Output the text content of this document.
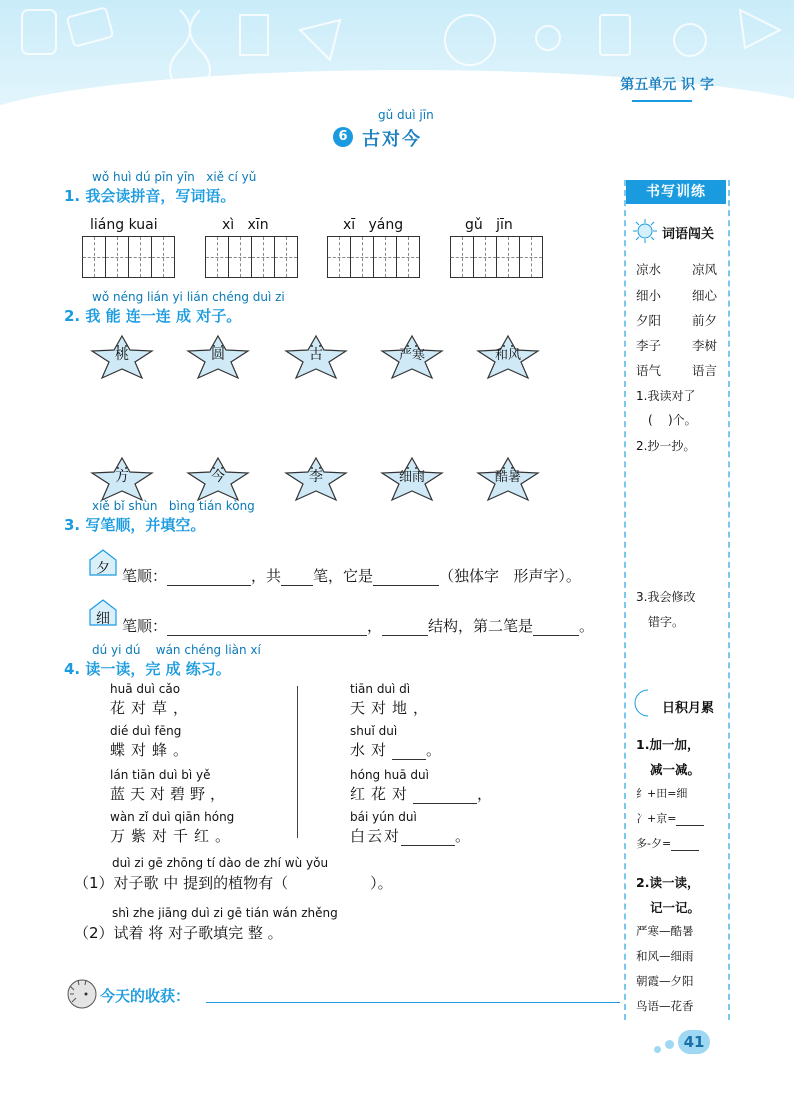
第五单元 识 字
gǔ duì jīn
6 古对今
wǒ huì dú pīn yīn   xiě cí yǔ
1. 我会读拼音，写词语。
liáng kuai	xì   xīn	xī   yáng	gǔ   jīn
wǒ néng lián yi lián chéng duì zi
2. 我 能 连一连 成 对子。
桃	圆	古	严寒	和风
方	今	李	细雨	酷暑
xiě bǐ shùn   bìng tián kòng
3. 写笔顺，并填空。
夕 笔顺：	，共 笔，它是	（独体字   形声字）。
细 笔顺：	，	结构，第二笔是	。
dú yi dú    wán chéng liàn xí
4. 读一读，完 成 练习。
huā duì cǎo
花对草，
dié duì fēng
蝶对蜂。
lán tiān duì bì yě
蓝天对碧野，
wàn zǐ duì qiān hóng
万紫对千红。
tiān duì dì
天对地，
shuǐ duì
水对 。
hóng huā duì
红花对	，
bái yún duì
白云对	。
duì zi gē zhōng tí dào de zhí wù yǒu
（1）对子歌 中 提到的植物有（	）。
shì zhe jiāng duì zi gē tián wán zhěng
（2）试着 将 对子歌填完 整 。
今天的收获：
书写训练
词语闯关
凉水 凉风
细小 细心
夕阳 前夕
李子 李树
语气 语言
1.我读对了
(    )个。
2.抄一抄。
3.我会修改
错字。
日积月累
1.加一加，
减一减。
纟+田=细
冫+京=
多-夕=
2.读一读，
记一记。
严寒—酷暑
和风—细雨
朝霞—夕阳
鸟语—花香
41
